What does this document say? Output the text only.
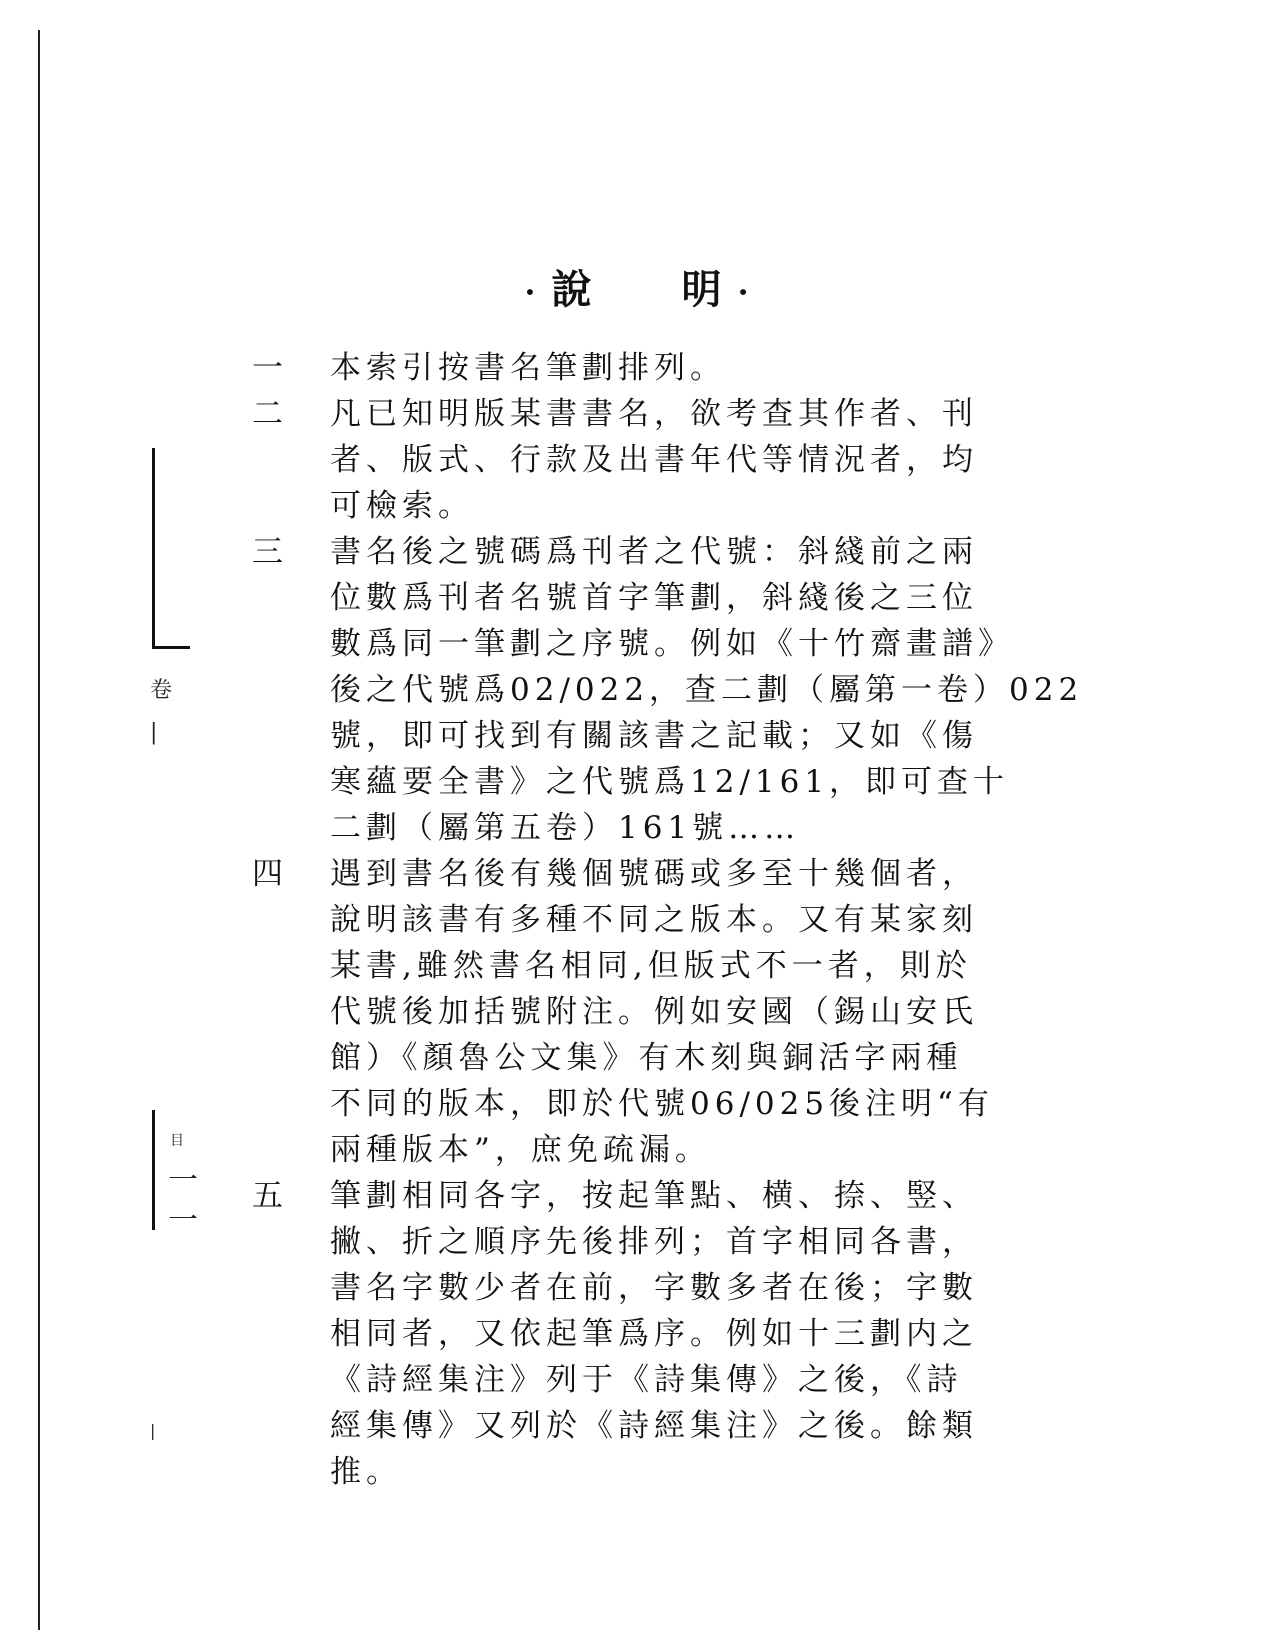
卷
|
目
一
一
|
· 說 明 ·
一	本索引按書名筆劃排列。
二	凡已知明版某書書名，欲考查其作者、刊
者、版式、行款及出書年代等情況者，均
可檢索。
三	書名後之號碼爲刊者之代號：斜綫前之兩
位數爲刊者名號首字筆劃，斜綫後之三位
數爲同一筆劃之序號。例如《十竹齋畫譜》
後之代號爲02/022，查二劃（屬第一卷）022
號，即可找到有關該書之記載；又如《傷
寒蘊要全書》之代號爲12/161，即可查十
二劃（屬第五卷）161號……
四	遇到書名後有幾個號碼或多至十幾個者，
說明該書有多種不同之版本。又有某家刻
某書,雖然書名相同,但版式不一者，則於
代號後加括號附注。例如安國（錫山安氏
館）《顏魯公文集》有木刻與銅活字兩種
不同的版本，即於代號06/025後注明“有
兩種版本”，庶免疏漏。
五	筆劃相同各字，按起筆點、横、捺、竪、
撇、折之順序先後排列；首字相同各書，
書名字數少者在前，字數多者在後；字數
相同者，又依起筆爲序。例如十三劃内之
《詩經集注》列于《詩集傳》之後，《詩
經集傳》又列於《詩經集注》之後。餘類
推。
